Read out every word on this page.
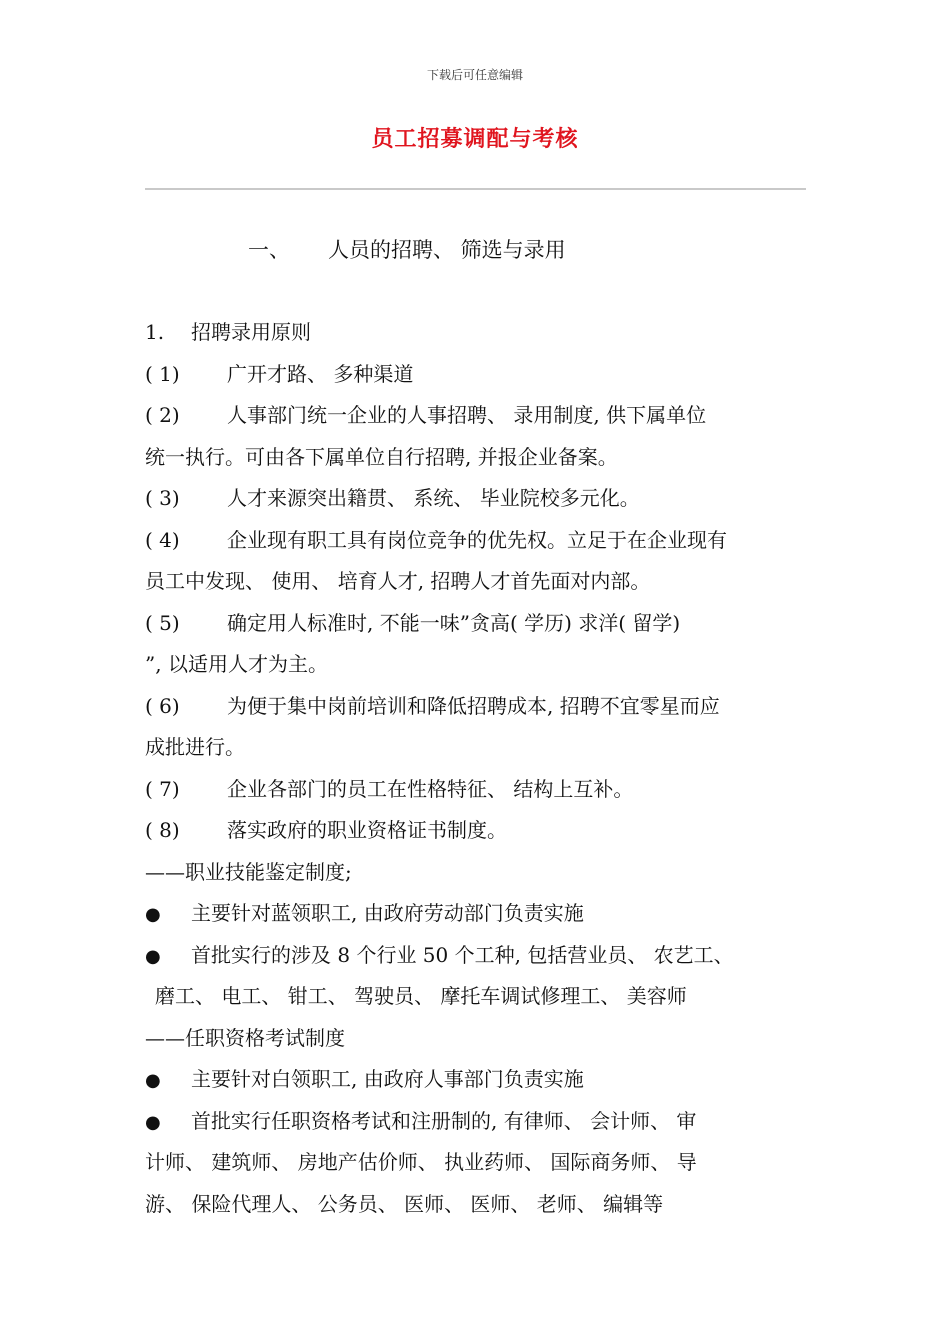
下载后可任意编辑
员工招募调配与考核
一、 人员的招聘、 筛选与录用
1. 招聘录用原则
( 1) 广开才路、 多种渠道
( 2) 人事部门统一企业的人事招聘、 录用制度, 供下属单位
统一执行。可由各下属单位自行招聘, 并报企业备案。
( 3) 人才来源突出籍贯、 系统、 毕业院校多元化。
( 4) 企业现有职工具有岗位竞争的优先权。立足于在企业现有
员工中发现、 使用、 培育人才, 招聘人才首先面对内部。
( 5) 确定用人标准时, 不能一味”贪高( 学历) 求洋( 留学)
”, 以适用人才为主。
( 6) 为便于集中岗前培训和降低招聘成本, 招聘不宜零星而应
成批进行。
( 7) 企业各部门的员工在性格特征、 结构上互补。
( 8) 落实政府的职业资格证书制度。
——职业技能鉴定制度;
● 主要针对蓝领职工, 由政府劳动部门负责实施
● 首批实行的涉及 8 个行业 50 个工种, 包括营业员、 农艺工、
磨工、 电工、 钳工、 驾驶员、 摩托车调试修理工、 美容师
——任职资格考试制度
● 主要针对白领职工, 由政府人事部门负责实施
● 首批实行任职资格考试和注册制的, 有律师、 会计师、 审
计师、 建筑师、 房地产估价师、 执业药师、 国际商务师、 导
游、 保险代理人、 公务员、 医师、 医师、 老师、 编辑等
